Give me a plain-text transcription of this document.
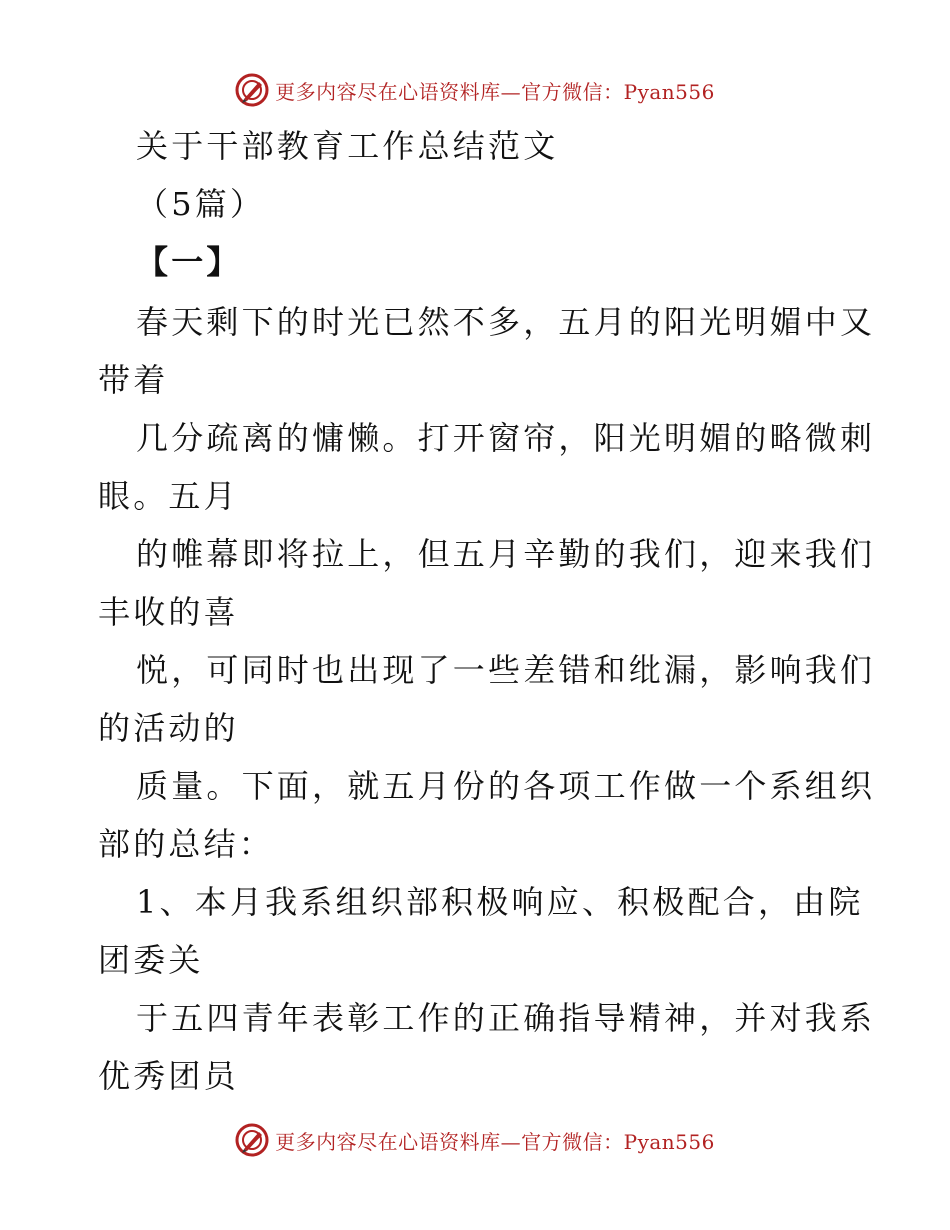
更多内容尽在心语资料库—官方微信：Pyan556
关于干部教育工作总结范文
（5篇）
【一】
春天剩下的时光已然不多，五月的阳光明媚中又
带着
几分疏离的慵懒。打开窗帘，阳光明媚的略微刺
眼。五月
的帷幕即将拉上，但五月辛勤的我们，迎来我们
丰收的喜
悦，可同时也出现了一些差错和纰漏，影响我们
的活动的
质量。下面，就五月份的各项工作做一个系组织
部的总结：
1、本月我系组织部积极响应、积极配合，由院
团委关
于五四青年表彰工作的正确指导精神，并对我系
优秀团员
更多内容尽在心语资料库—官方微信：Pyan556
